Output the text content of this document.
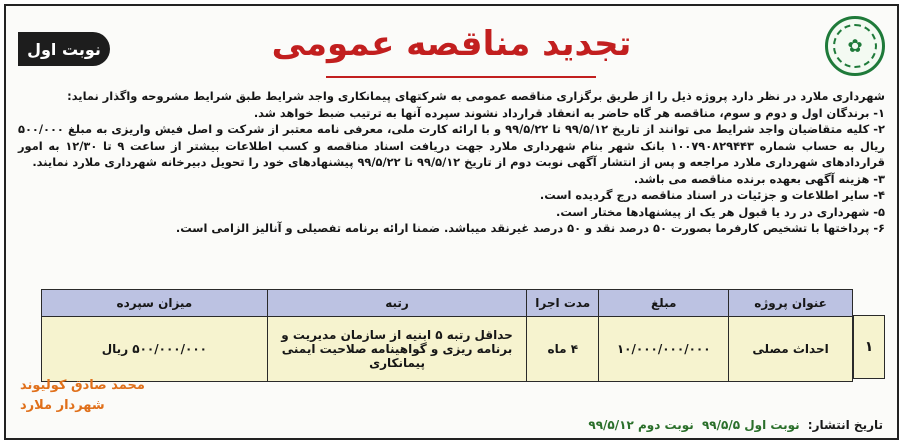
✿
نوبت اول	تجدید مناقصه عمومی

شهرداری ملارد در نظر دارد پروژه ذیل را از طریق برگزاری مناقصه عمومی به شرکتهای پیمانکاری واجد شرایط طبق شرایط مشروحه واگذار نماید:

۱- برندگان اول و دوم و سوم، مناقصه هر گاه حاضر به انعقاد قرارداد نشوند سپرده آنها به ترتیب ضبط خواهد شد.

۲- کلیه متقاضیان واجد شرایط می توانند از تاریخ ۹۹/۵/۱۲ تا ۹۹/۵/۲۲ و با ارائه کارت ملی، معرفی نامه معتبر از شرکت و اصل فیش واریزی به مبلغ ۵۰۰/۰۰۰ ریال به حساب شماره ۱۰۰۷۹۰۸۲۹۴۴۳ بانک شهر بنام شهرداری ملارد جهت دریافت اسناد مناقصه و کسب اطلاعات بیشتر از ساعت ۹ تا ۱۲/۳۰ به امور قراردادهای شهرداری ملارد مراجعه و پس از انتشار آگهی نوبت دوم از تاریخ ۹۹/۵/۱۲ تا ۹۹/۵/۲۲ پیشنهادهای خود را تحویل دبیرخانه شهرداری ملارد نمایند.

۳- هزینه آگهی بعهده برنده مناقصه می باشد.

۴- سایر اطلاعات و جزئیات در اسناد مناقصه درج گردیده است.

۵- شهرداری در رد یا قبول هر یک از پیشنهادها مختار است.

۶- پرداختها با تشخیص کارفرما بصورت ۵۰ درصد نقد و ۵۰ درصد غیرنقد میباشد. ضمنا ارائه برنامه تفصیلی و آنالیز الزامی است.

۱
عنوان پروژه	مبلغ	مدت اجرا	رتبه	میزان سپرده
احداث مصلی	۱۰/۰۰۰/۰۰۰/۰۰۰	۴ ماه	حداقل رتبه ۵ ابنیه از سازمان مدیریت و برنامه ریزی و گواهینامه صلاحیت ایمنی پیمانکاری	۵۰۰/۰۰۰/۰۰۰ ریال
محمد صادق کولیوند
شهردار ملارد
تاریخ انتشار: نوبت اول ۹۹/۵/۵ نوبت دوم ۹۹/۵/۱۲
